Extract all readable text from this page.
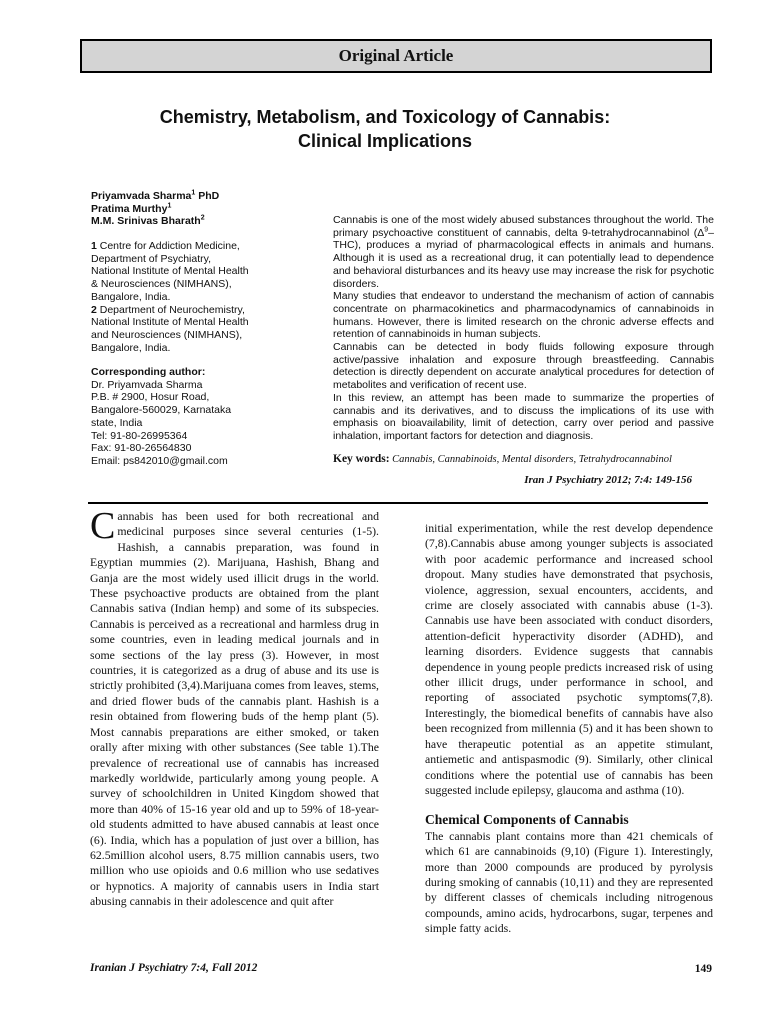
Original Article
Chemistry, Metabolism, and Toxicology of Cannabis:
Clinical Implications
Priyamvada Sharma$^1$ PhD
Pratima Murthy$^1$
M.M. Srinivas Bharath$^2$
1 Centre for Addiction Medicine,
Department of Psychiatry,
National Institute of Mental Health
& Neurosciences (NIMHANS),
Bangalore, India.
2 Department of Neurochemistry,
National Institute of Mental Health
and Neurosciences (NIMHANS),
Bangalore, India.
Corresponding author:
Dr. Priyamvada Sharma
P.B. # 2900, Hosur Road,
Bangalore-560029, Karnataka
state, India
Tel: 91-80-26995364
Fax: 91-80-26564830
Email: ps842010@gmail.com

Cannabis is one of the most widely abused substances throughout the world. The primary psychoactive constituent of cannabis, delta 9-tetrahydrocannabinol $(\Delta^9-THC)$, produces a myriad of pharmacological effects in animals and humans. Although it is used as a recreational drug, it can potentially lead to dependence and behavioral disturbances and its heavy use may increase the risk for psychotic disorders.

Many studies that endeavor to understand the mechanism of action of cannabis concentrate on pharmacokinetics and pharmacodynamics of cannabinoids in humans. However, there is limited research on the chronic adverse effects and retention of cannabinoids in human subjects.

Cannabis can be detected in body fluids following exposure through active/passive inhalation and exposure through breastfeeding. Cannabis detection is directly dependent on accurate analytical procedures for detection of metabolites and verification of recent use.

In this review, an attempt has been made to summarize the properties of cannabis and its derivatives, and to discuss the implications of its use with emphasis on bioavailability, limit of detection, carry over period and passive inhalation, important factors for detection and diagnosis.

Key words: Cannabis, Cannabinoids, Mental disorders, Tetrahydrocannabinol
Iran J Psychiatry 2012; 7:4: 149-156

Cannabis has been used for both recreational and medicinal purposes since several centuries (1-5). Hashish, a cannabis preparation, was found in Egyptian mummies (2). Marijuana, Hashish, Bhang and Ganja are the most widely used illicit drugs in the world. These psychoactive products are obtained from the plant Cannabis sativa (Indian hemp) and some of its subspecies. Cannabis is perceived as a recreational and harmless drug in some countries, even in leading medical journals and in some sections of the lay press (3). However, in most countries, it is categorized as a drug of abuse and its use is strictly prohibited (3,4).Marijuana comes from leaves, stems, and dried flower buds of the cannabis plant. Hashish is a resin obtained from flowering buds of the hemp plant (5). Most cannabis preparations are either smoked, or taken orally after mixing with other substances (See table 1).The prevalence of recreational use of cannabis has increased markedly worldwide, particularly among young people. A survey of schoolchildren in United Kingdom showed that more than 40% of 15-16 year old and up to 59% of 18-year-old students admitted to have abused cannabis at least once (6). India, which has a population of just over a billion, has 62.5million alcohol users, 8.75 million cannabis users, two million who use opioids and 0.6 million who use sedatives or hypnotics. A majority of cannabis users in India start abusing cannabis in their adolescence and quit after

initial experimentation, while the rest develop dependence (7,8).Cannabis abuse among younger subjects is associated with poor academic performance and increased school dropout. Many studies have demonstrated that psychosis, violence, aggression, sexual encounters, accidents, and crime are closely associated with cannabis abuse (1-3). Cannabis use have been associated with conduct disorders, attention-deficit hyperactivity disorder (ADHD), and learning disorders. Evidence suggests that cannabis dependence in young people predicts increased risk of using other illicit drugs, under performance in school, and reporting of associated psychotic symptoms(7,8). Interestingly, the biomedical benefits of cannabis have also been recognized from millennia (5) and it has been shown to have therapeutic potential as an appetite stimulant, antiemetic and antispasmodic (9). Similarly, other clinical conditions where the potential use of cannabis has been suggested include epilepsy, glaucoma and asthma (10).

Chemical Components of Cannabis

The cannabis plant contains more than 421 chemicals of which 61 are cannabinoids (9,10) (Figure 1). Interestingly, more than 2000 compounds are produced by pyrolysis during smoking of cannabis (10,11) and they are represented by different classes of chemicals including nitrogenous compounds, amino acids, hydrocarbons, sugar, terpenes and simple fatty acids.

Iranian J Psychiatry 7:4, Fall 2012	149
